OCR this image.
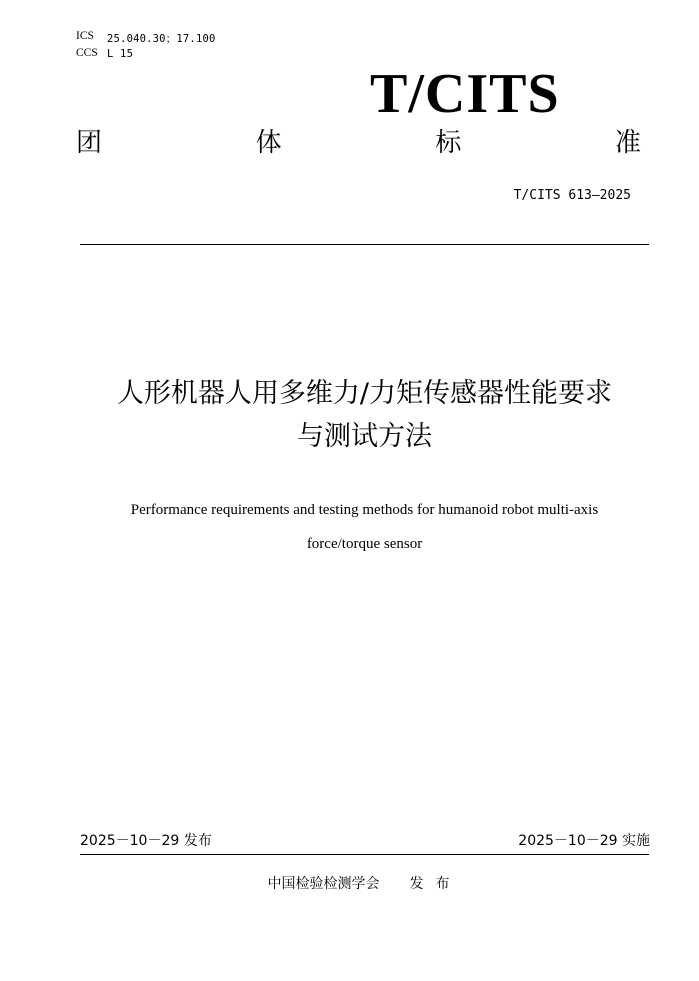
ICS 25.040.30；17.100
CCS L 15
T/CITS
团	体	标	准
T/CITS 613—2025
人形机器人用多维力/力矩传感器性能要求
与测试方法
Performance requirements and testing methods for humanoid robot multi-axis
force/torque sensor
2025－10－29 发布	2025－10－29 实施
中国检验检测学会 发布
